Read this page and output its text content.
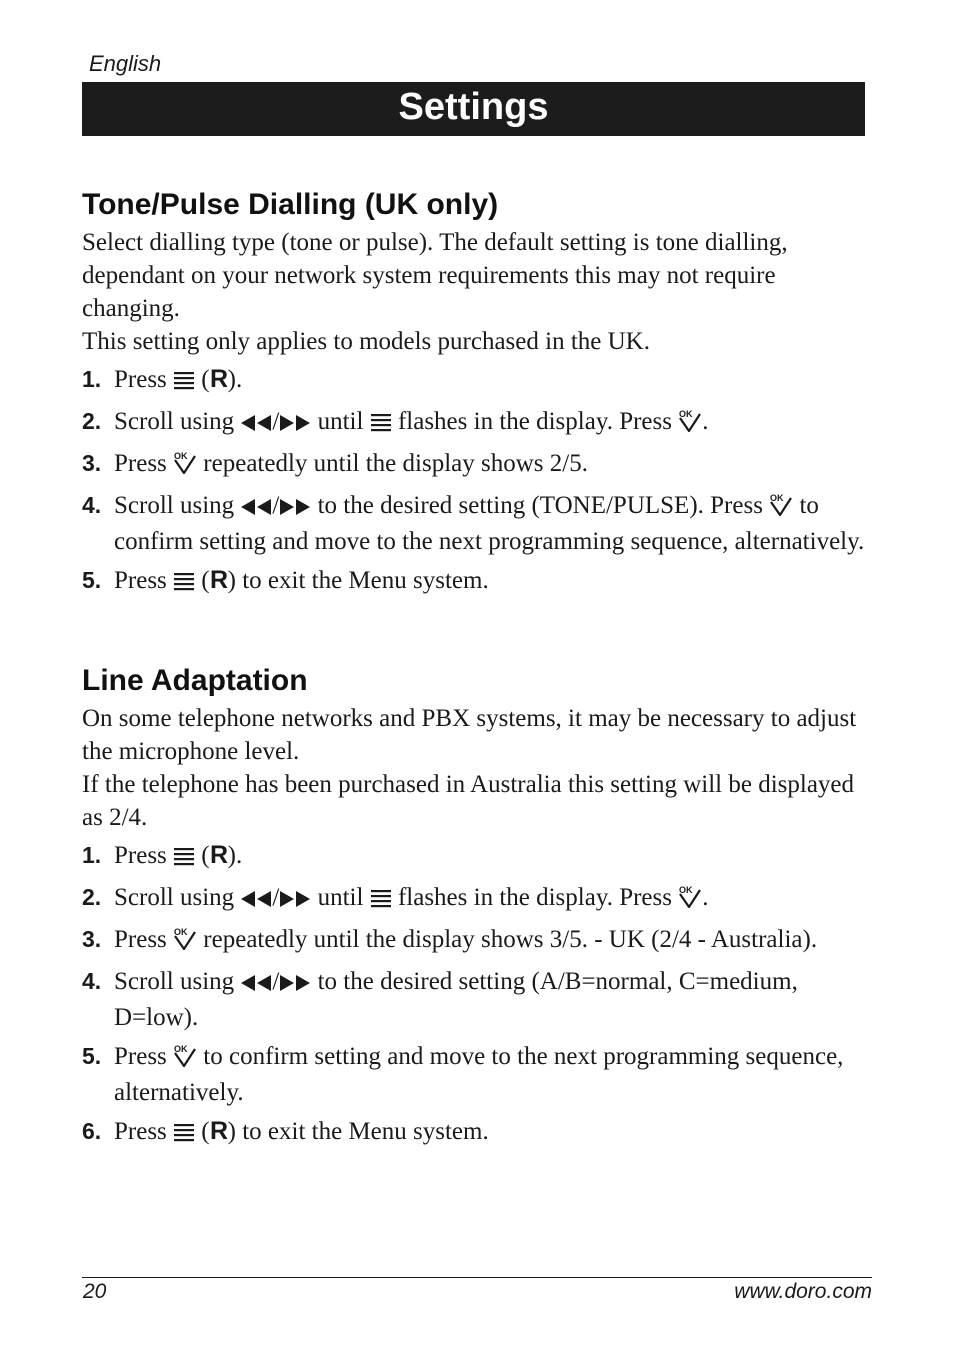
English
Settings
Tone/Pulse Dialling (UK only)

Select dialling type (tone or pulse). The default setting is tone dialling, dependant on your network system requirements this may not require changing.

This setting only applies to models purchased in the UK.

1. Press  ( R ).
2. Scroll using / until  flashes in the display. Press OK .
3. Press OK repeatedly until the display shows 2/5.
4. Scroll using / to the desired setting (TONE/PULSE). Press OK to confirm setting and move to the next programming sequence, alternatively.
5. Press  ( R ) to exit the Menu system.
Line Adaptation

On some telephone networks and PBX systems, it may be necessary to adjust the microphone level.

If the telephone has been purchased in Australia this setting will be displayed as 2/4.

1. Press  ( R ).
2. Scroll using / until  flashes in the display. Press OK .
3. Press OK repeatedly until the display shows 3/5. - UK (2/4 - Australia).
4. Scroll using / to the desired setting (A/B=normal, C=medium, D=low).
5. Press OK to confirm setting and move to the next programming sequence, alternatively.
6. Press  ( R ) to exit the Menu system.
20	www.doro.com
